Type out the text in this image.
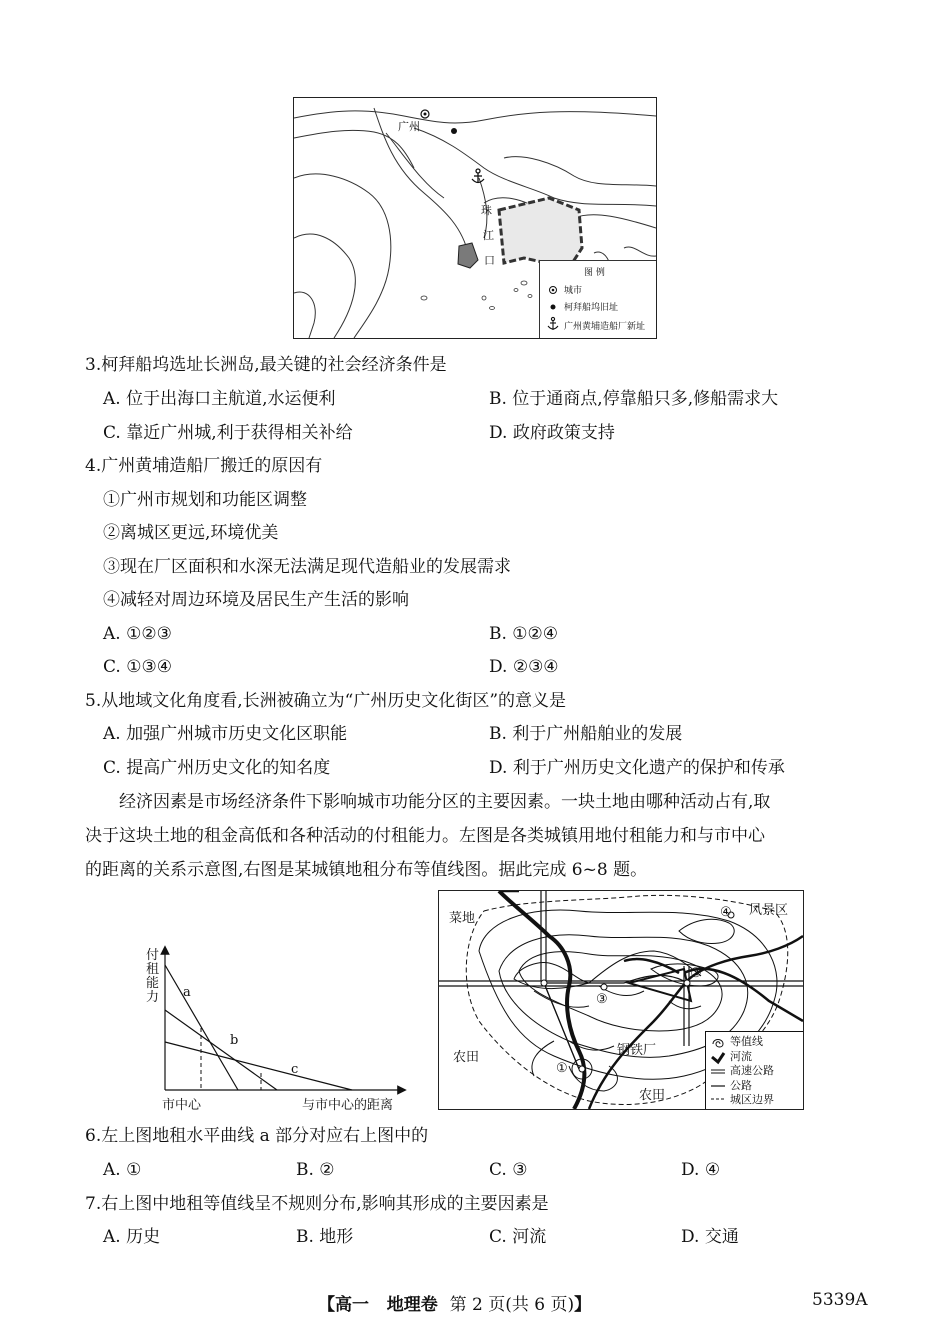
广州
珠
江
口
图 例
城市
柯拜船坞旧址
广州黄埔造船厂新址
3.柯拜船坞选址长洲岛,最关键的社会经济条件是
A. 位于出海口主航道,水运便利	B. 位于通商点,停靠船只多,修船需求大
C. 靠近广州城,利于获得相关补给	D. 政府政策支持
4.广州黄埔造船厂搬迁的原因有
①广州市规划和功能区调整
②离城区更远,环境优美
③现在厂区面积和水深无法满足现代造船业的发展需求
④减轻对周边环境及居民生产生活的影响
A. ①②③	B. ①②④
C. ①③④	D. ②③④
5.从地域文化角度看,长洲被确立为“广州历史文化街区”的意义是
A. 加强广州城市历史文化区职能	B. 利于广州船舶业的发展
C. 提高广州历史文化的知名度	D. 利于广州历史文化遗产的保护和传承
经济因素是市场经济条件下影响城市功能分区的主要因素。一块土地由哪种活动占有,取
决于这块土地的租金高低和各种活动的付租能力。左图是各类城镇用地付租能力和与市中心
的距离的关系示意图,右图是某城镇地租分布等值线图。据此完成 6~8 题。
付
租
能
力 a
b
c
市中心	与市中心的距离
菜地
风景区
农田
农田
钢铁厂
①
②
③
④
等值线
河流
高速公路
公路
城区边界
6.左上图地租水平曲线 a 部分对应右上图中的
A. ①	B. ②	C. ③	D. ④
7.右上图中地租等值线呈不规则分布,影响其形成的主要因素是
A. 历史	B. 地形	C. 河流	D. 交通
【高一 地理卷 第 2 页(共 6 页)】	5339A
